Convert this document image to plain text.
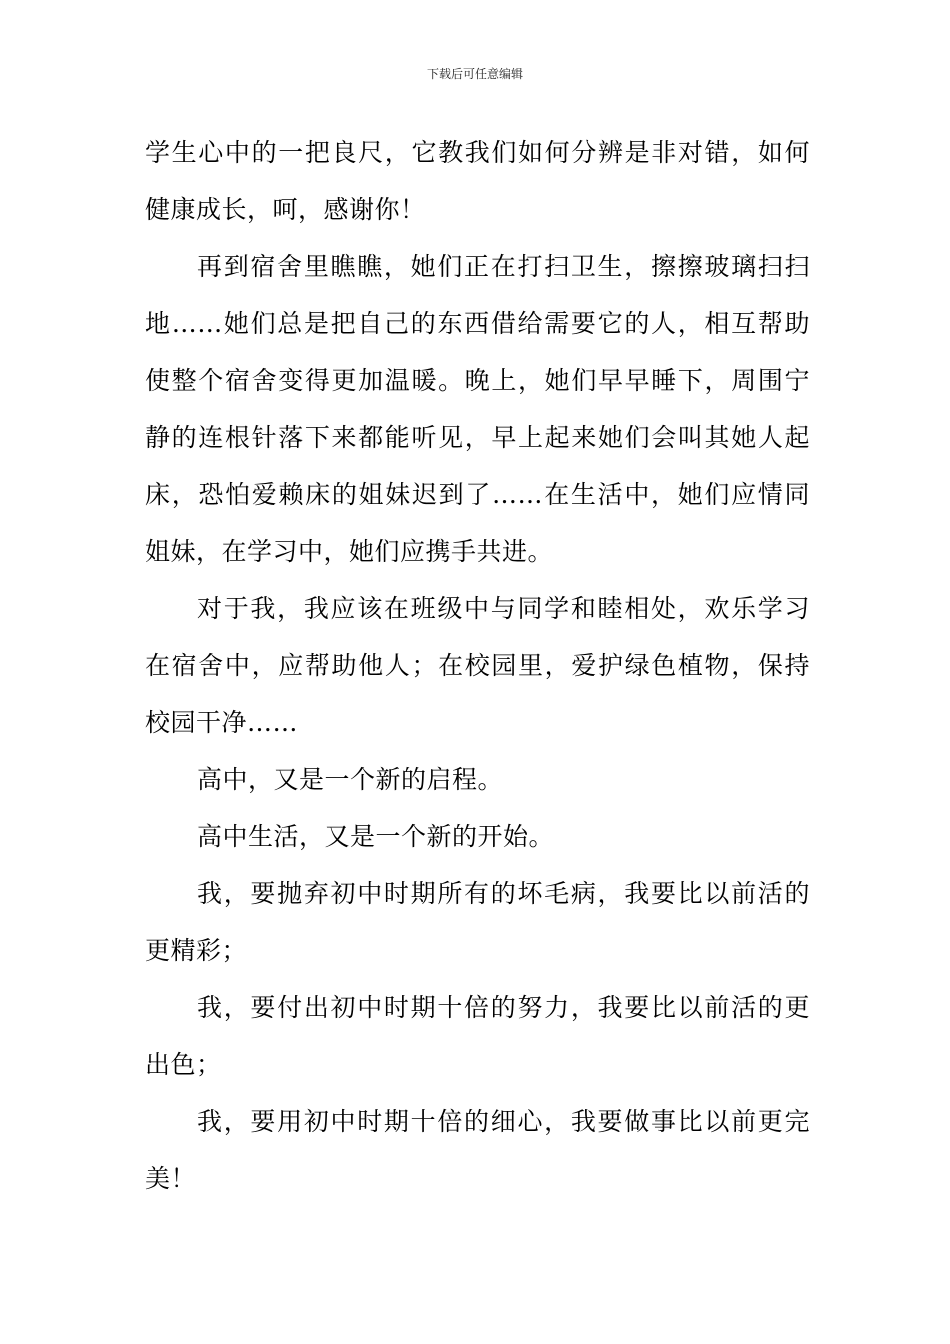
下载后可任意编辑
学生心中的一把良尺，它教我们如何分辨是非对错，如何
健康成长，呵，感谢你！
再到宿舍里瞧瞧，她们正在打扫卫生，擦擦玻璃扫扫
地……她们总是把自己的东西借给需要它的人，相互帮助
使整个宿舍变得更加温暖。晚上，她们早早睡下，周围宁
静的连根针落下来都能听见，早上起来她们会叫其她人起
床，恐怕爱赖床的姐妹迟到了……在生活中，她们应情同
姐妹，在学习中，她们应携手共进。
对于我，我应该在班级中与同学和睦相处，欢乐学习
在宿舍中，应帮助他人；在校园里，爱护绿色植物，保持
校园干净……
高中，又是一个新的启程。
高中生活，又是一个新的开始。
我，要抛弃初中时期所有的坏毛病，我要比以前活的
更精彩；
我，要付出初中时期十倍的努力，我要比以前活的更
出色；
我，要用初中时期十倍的细心，我要做事比以前更完
美！
